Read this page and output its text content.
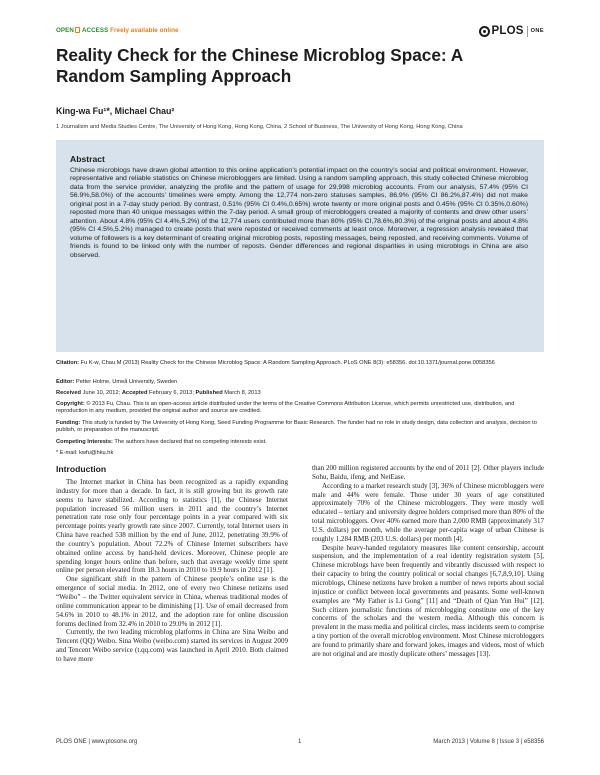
OPEN ACCESS Freely available online	PLOS ONE
Reality Check for the Chinese Microblog Space: A Random Sampling Approach
King-wa Fu¹*, Michael Chau²
1 Journalism and Media Studies Centre, The University of Hong Kong, Hong Kong, China, 2 School of Business, The University of Hong Kong, Hong Kong, China
Abstract
Chinese microblogs have drawn global attention to this online application’s potential impact on the country’s social and political environment. However, representative and reliable statistics on Chinese microbloggers are limited. Using a random sampling approach, this study collected Chinese microblog data from the service provider, analyzing the profile and the pattern of usage for 29,998 microblog accounts. From our analysis, 57.4% (95% CI 56.9%,58.0%) of the accounts’ timelines were empty. Among the 12,774 non-zero statuses samples, 86.9% (95% CI 86.2%,87.4%) did not make original post in a 7-day study period. By contrast, 0.51% (95% CI 0.4%,0.65%) wrote twenty or more original posts and 0.45% (95% CI 0.35%,0.60%) reposted more than 40 unique messages within the 7-day period. A small group of microbloggers created a majority of contents and drew other users’ attention. About 4.8% (95% CI 4.4%,5.2%) of the 12,774 users contributed more than 80% (95% CI,78.6%,80.3%) of the original posts and about 4.8% (95% CI 4.5%,5.2%) managed to create posts that were reposted or received comments at least once. Moreover, a regression analysis revealed that volume of followers is a key determinant of creating original microblog posts, reposting messages, being reposted, and receiving comments. Volume of friends is found to be linked only with the number of reposts. Gender differences and regional disparities in using microblogs in China are also observed.
Citation: Fu K-w, Chau M (2013) Reality Check for the Chinese Microblog Space: A Random Sampling Approach. PLoS ONE 8(3): e58356. doi:10.1371/journal.pone.0058356
Editor: Petter Holme, Umeå University, Sweden
Received June 10, 2012; Accepted February 6, 2013; Published March 8, 2013
Copyright: © 2013 Fu, Chau. This is an open-access article distributed under the terms of the Creative Commons Attribution License, which permits unrestricted use, distribution, and reproduction in any medium, provided the original author and source are credited.
Funding: This study is funded by The University of Hong Kong, Seed Funding Programme for Basic Research. The funder had no role in study design, data collection and analysis, decision to publish, or preparation of the manuscript.
Competing Interests: The authors have declared that no competing interests exist.
* E-mail: kwfu@hku.hk
Introduction

The Internet market in China has been recognized as a rapidly expanding industry for more than a decade. In fact, it is still growing but its growth rate seems to have stabilized. According to statistics [1], the Chinese Internet population increased 56 million users in 2011 and the country’s Internet penetration rate rose only four percentage points in a year compared with six percentage points yearly growth rate since 2007. Currently, total Internet users in China have reached 538 million by the end of June, 2012, penetrating 39.9% of the country’s population. About 72.2% of Chinese Internet subscribers have obtained online access by hand-held devices. Moreover, Chinese people are spending longer hours online than before, such that average weekly time spent online per person elevated from 18.3 hours in 2010 to 19.9 hours in 2012 [1].

One significant shift in the pattern of Chinese people’s online use is the emergence of social media. In 2012, one of every two Chinese netizens used “Weibo” – the Twitter equivalent service in China, whereas traditional modes of online communication appear to be diminishing [1]. Use of email decreased from 54.6% in 2010 to 48.1% in 2012, and the adoption rate for online discussion forums declined from 32.4% in 2010 to 29.0% in 2012 [1].

Currently, the two leading microblog platforms in China are Sina Weibo and Tencent (QQ) Weibo. Sina Weibo (weibo.com) started its services in August 2009 and Tencent Weibo service (t.qq.com) was launched in April 2010. Both claimed to have more

than 200 million registered accounts by the end of 2011 [2]. Other players include Sohu, Baidu, ifeng, and NetEase.

According to a market research study [3], 36% of Chinese microbloggers were male and 44% were female. Those under 30 years of age constituted approximately 70% of the Chinese microbloggers. They were mostly well educated – tertiary and university degree holders comprised more than 80% of the total microbloggers. Over 40% earned more than 2,000 RMB (approximately 317 U.S. dollars) per month, while the average per-capita wage of urban Chinese is roughly 1,284 RMB (203 U.S. dollars) per month [4].

Despite heavy-handed regulatory measures like content censorship, account suspension, and the implementation of a real identity registration system [5], Chinese microblogs have been frequently and vibrantly discussed with respect to their capacity to bring the country political or social changes [6,7,8,9,10]. Using microblogs, Chinese netizens have broken a number of news reports about social injustice or conflict between local governments and peasants. Some well-known examples are “My Father is Li Gong” [11] and “Death of Qian Yun Hui” [12]. Such citizen journalistic functions of microblogging constitute one of the key concerns of the scholars and the western media. Although this concern is prevalent in the mass media and political circles, mass incidents seem to comprise a tiny portion of the overall microblog environment. Most Chinese microbloggers are found to primarily share and forward jokes, images and videos, most of which are not original and are mostly duplicate others’ messages [13].

PLOS ONE | www.plosone.org	1	March 2013 | Volume 8 | Issue 3 | e58356
